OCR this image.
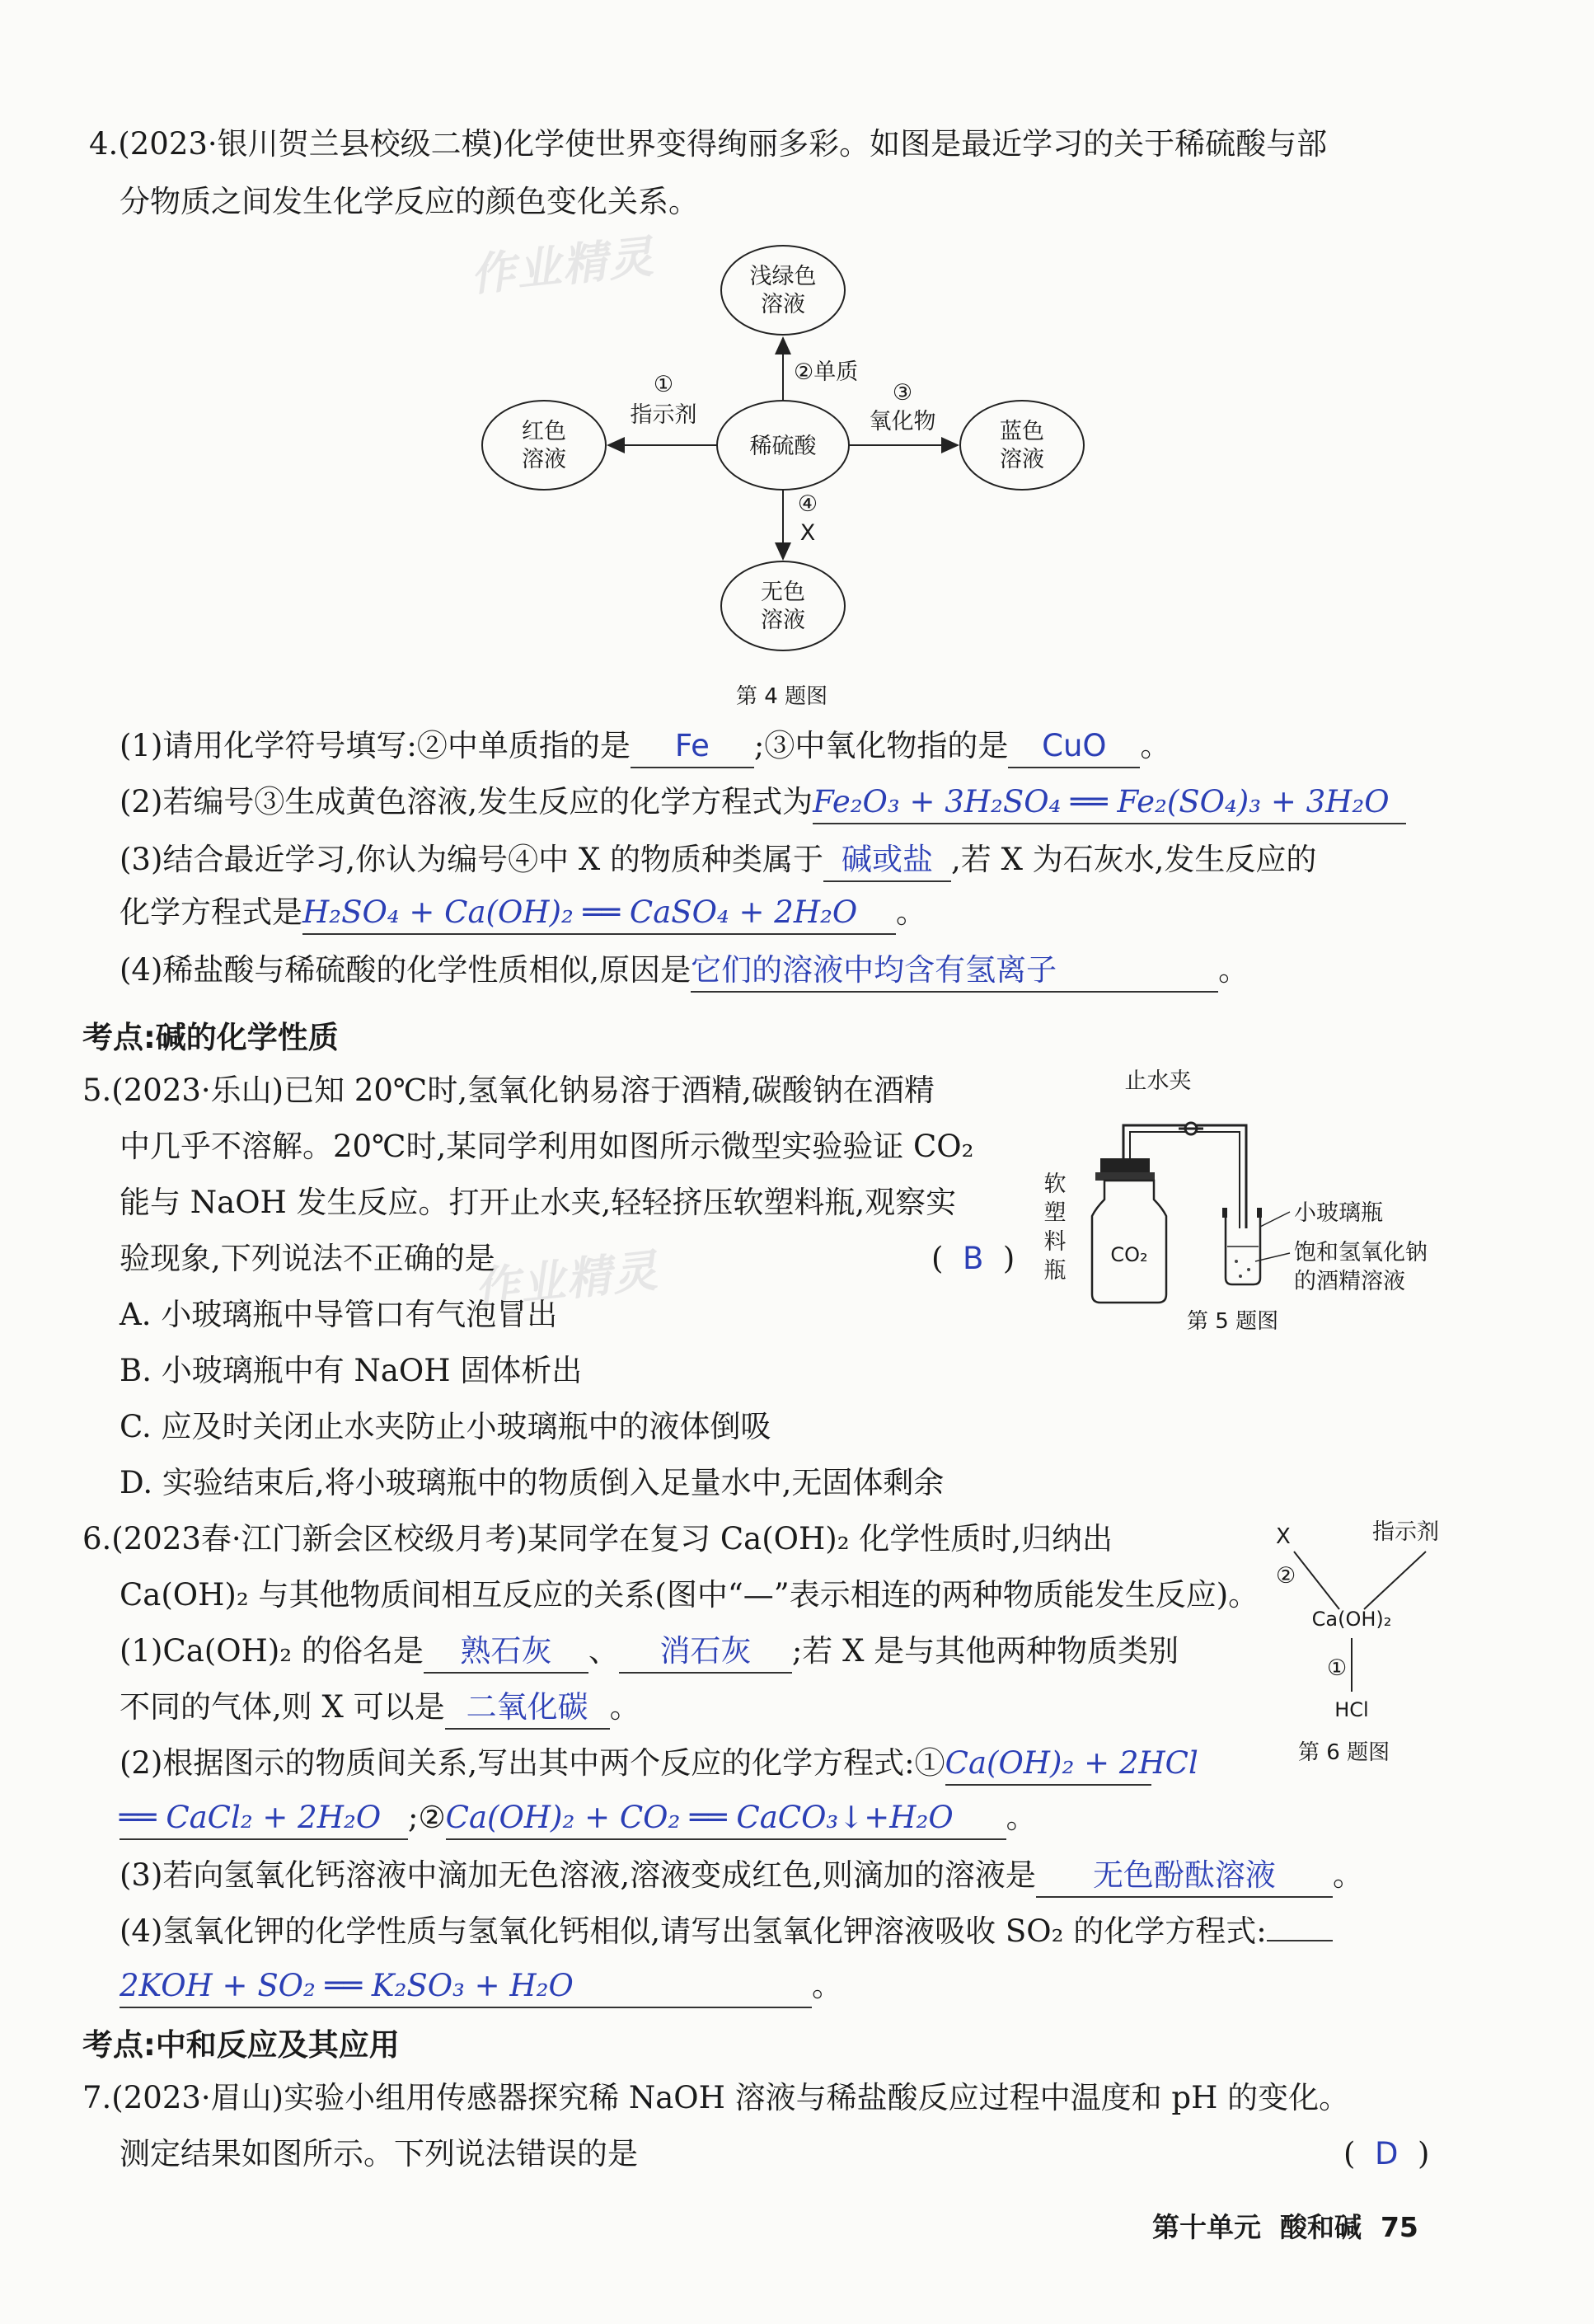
作业精灵
作业精灵
4.(2023·银川贺兰县校级二模)化学使世界变得绚丽多彩。如图是最近学习的关于稀硫酸与部
分物质之间发生化学反应的颜色变化关系。
浅绿色
溶液
红色
溶液
稀硫酸
蓝色
溶液
无色
溶液
①
指示剂
②单质
③
氧化物
④
X
第 4 题图
(1)请用化学符号填写:②中单质指的是 Fe ;③中氧化物指的是 CuO 。
(2)若编号③生成黄色溶液,发生反应的化学方程式为Fe₂O₃ + 3H₂SO₄ ══ Fe₂(SO₄)₃ + 3H₂O
(3)结合最近学习,你认为编号④中 X 的物质种类属于 碱或盐 ,若 X 为石灰水,发生反应的
化学方程式是H₂SO₄ + Ca(OH)₂ ══ CaSO₄ + 2H₂O 。
(4)稀盐酸与稀硫酸的化学性质相似,原因是它们的溶液中均含有氢离子	。
考点:碱的化学性质
5.(2023·乐山)已知 20℃时,氢氧化钠易溶于酒精,碳酸钠在酒精
中几乎不溶解。20℃时,某同学利用如图所示微型实验验证 CO₂
能与 NaOH 发生反应。打开止水夹,轻轻挤压软塑料瓶,观察实
验现象,下列说法不正确的是	( B )
A. 小玻璃瓶中导管口有气泡冒出
B. 小玻璃瓶中有 NaOH 固体析出
C. 应及时关闭止水夹防止小玻璃瓶中的液体倒吸
D. 实验结束后,将小玻璃瓶中的物质倒入足量水中,无固体剩余
止水夹
CO₂
软
塑
料
瓶
小玻璃瓶
饱和氢氧化钠
的酒精溶液
第 5 题图
6.(2023春·江门新会区校级月考)某同学在复习 Ca(OH)₂ 化学性质时,归纳出
Ca(OH)₂ 与其他物质间相互反应的关系(图中“—”表示相连的两种物质能发生反应)。
X
②
指示剂
Ca(OH)₂
①
HCl
(1)Ca(OH)₂ 的俗名是 熟石灰 、 消石灰 ;若 X 是与其他两种物质类别
不同的气体,则 X 可以是 二氧化碳 。
(2)根据图示的物质间关系,写出其中两个反应的化学方程式:①Ca(OH)₂ + 2HCl	第 6 题图
══ CaCl₂ + 2H₂O ;②Ca(OH)₂ + CO₂ ══ CaCO₃↓+H₂O 。
(3)若向氢氧化钙溶液中滴加无色溶液,溶液变成红色,则滴加的溶液是 无色酚酞溶液 。
(4)氢氧化钾的化学性质与氢氧化钙相似,请写出氢氧化钾溶液吸收 SO₂ 的化学方程式:
2KOH + SO₂ ══ K₂SO₃ + H₂O	。
考点:中和反应及其应用
7.(2023·眉山)实验小组用传感器探究稀 NaOH 溶液与稀盐酸反应过程中温度和 pH 的变化。
测定结果如图所示。下列说法错误的是	( D )
第十单元 酸和碱 75
